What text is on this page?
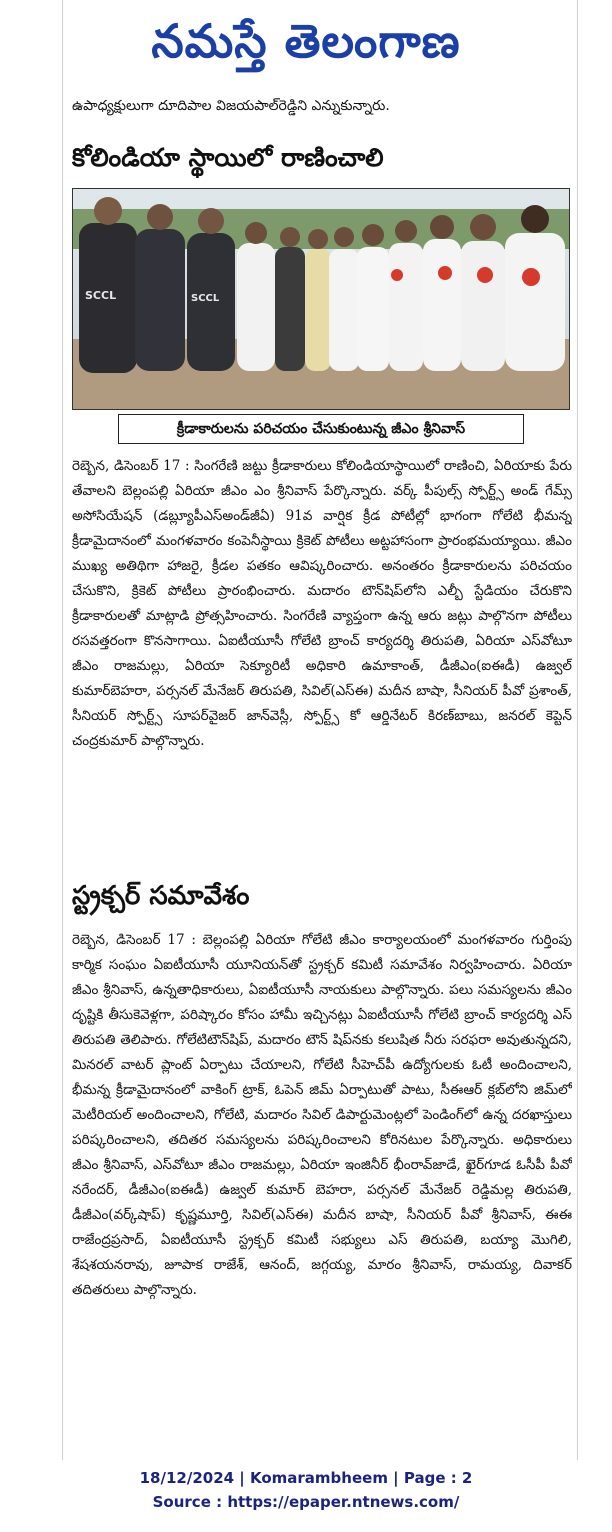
నమస్తే తెలంగాణ
ఉపాధ్యక్షులుగా దూదిపాల విజయపాల్‌రెడ్డిని ఎన్నుకున్నారు.
కోలిండియా స్థాయిలో రాణించాలి
SCCL	SCCL
క్రీడాకారులను పరిచయం చేసుకుంటున్న జీఎం శ్రీనివాస్
రెబ్బెన, డిసెంబర్ 17 : సింగరేణి జట్టు క్రీడాకారులు కోలిండియాస్థాయిలో రాణించి, ఏరియాకు పేరు తేవాలని బెల్లంపల్లి ఏరియా జీఎం ఎం శ్రీనివాస్ పేర్కొన్నారు. వర్క్ పీపుల్స్ స్పోర్ట్స్ అండ్ గేమ్స్ అసోసియేషన్ (డబ్ల్యూపీఎస్‌అండ్‌జీఏ) 91వ వార్షిక క్రీడ పోటీల్లో భాగంగా గోలేటి భీమన్న క్రీడామైదానంలో మంగళవారం కంపెనీస్థాయి క్రికెట్ పోటీలు అట్టహాసంగా ప్రారంభమయ్యాయి. జీఎం ముఖ్య అతిథిగా హాజరై, క్రీడల పతకం ఆవిష్కరించారు. అనంతరం క్రీడాకారులను పరిచయం చేసుకొని, క్రికెట్ పోటీలు ప్రారంభించారు. మదారం టౌన్‌షిప్‌లోని ఎల్బీ స్టేడియం చేరుకొని క్రీడాకారులతో మాట్లాడి ప్రోత్సహించారు. సింగరేణి వ్యాప్తంగా ఉన్న ఆరు జట్లు పాల్గొనగా పోటీలు రసవత్తరంగా కొనసాగాయి. ఏఐటీయూసీ గోలేటి బ్రాంచ్ కార్యదర్శి తిరుపతి, ఏరియా ఎస్‌వోటూ జీఎం రాజమల్లు, ఏరియా సెక్యూరిటీ అధికారి ఉమాకాంత్, డీజీఎం(ఐఈడీ) ఉజ్వల్ కుమార్‌బెహరా, పర్సనల్ మేనేజర్ తిరుపతి, సివిల్(ఎస్‌ఈ) మదీన బాషా, సీనియర్ పీవో ప్రశాంత్, సీనియర్ స్పోర్ట్స్ సూపర్‌వైజర్ జాన్‌వెస్లీ, స్పోర్ట్స్ కో ఆర్డినేటర్ కిరణ్‌బాబు, జనరల్ కెప్టెన్ చంద్రకుమార్ పాల్గొన్నారు.
స్ట్రక్చర్ సమావేశం
రెబ్బెన, డిసెంబర్ 17 : బెల్లంపల్లి ఏరియా గోలేటి జీఎం కార్యాలయంలో మంగళవారం గుర్తింపు కార్మిక సంఘం ఏఐటీయూసీ యూనియన్‌తో స్ట్రక్చర్ కమిటీ సమావేశం నిర్వహించారు. ఏరియా జీఎం శ్రీనివాస్, ఉన్నతాధికారులు, ఏఐటీయూసీ నాయకులు పాల్గొన్నారు. పలు సమస్యలను జీఎం దృష్టికి తీసుకెవెళ్లగా, పరిష్కారం కోసం హామీ ఇచ్చినట్లు ఏఐటీయూసీ గోలేటి బ్రాంచ్ కార్యదర్శి ఎస్ తిరుపతి తెలిపారు. గోలేటిటౌన్‌షిప్, మదారం టౌన్ షిప్‌నకు కలుషిత నీరు సరఫరా అవుతున్నదని, మినరల్ వాటర్ ప్లాంట్ ఏర్పాటు చేయాలని, గోలేటి సీహెచ్‌పీ ఉద్యోగులకు ఓటీ అందించాలని, భీమన్న క్రీడామైదానంలో వాకింగ్ ట్రాక్, ఓపెన్ జిమ్ ఏర్పాటుతో పాటు, సీఈఆర్ క్లబ్‌లోని జిమ్‌లో మెటీరియల్ అందించాలని, గోలేటి, మదారం సివిల్ డిపార్టుమెంట్లలో పెండింగ్‌లో ఉన్న దరఖాస్తులు పరిష్కరించాలని, తదితర సమస్యలను పరిష్కరించాలని కోరినటుల పేర్కొన్నారు. అధికారులు జీఎం శ్రీనివాస్, ఎస్‌వోటూ జీఎం రాజమల్లు, ఏరియా ఇంజినీర్ భీంరావ్‌జాడే, ఖైర్‌గూడ ఓసీపీ పీవో నరేందర్, డీజీఎం(ఐఈడీ) ఉజ్వల్ కుమార్ బెహరా, పర్సనల్ మేనేజర్ రెడ్డిమల్ల తిరుపతి, డీజీఎం(వర్క్‌షాప్) కృష్ణమూర్తి, సివిల్(ఎస్‌ఈ) మదీన బాషా, సీనియర్ పీవో శ్రీనివాస్, ఈఈ రాజేంద్రప్రసాద్, ఏఐటీయూసీ స్ట్రక్చర్ కమిటీ సభ్యులు ఎస్ తిరుపతి, బయ్యా మొగిలి, శేషశయనరావు, జూపాక రాజేశ్, ఆనంద్, జగ్గయ్య, మారం శ్రీనివాస్, రామయ్య, దివాకర్ తదితరులు పాల్గొన్నారు.
18/12/2024 | Komarambheem | Page : 2
Source : https://epaper.ntnews.com/
